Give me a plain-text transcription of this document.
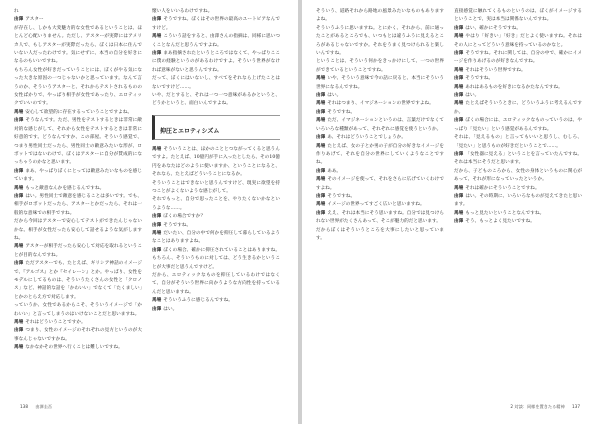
れ

由澤 アスター

が存在し、しかも大変魅力的な女性であるということは、ほとんど心配いりません。ただし、アスターが実際にはアメリカ人で、もしアスターが実際だったら、ぼくは日本に住んでいない人だったわけです。気にせずに、本当の自分を好きになるのもいいですね。

もちろん女性が好きだっていうことには、ぼくがやる気になった大きな原因の一つじゃないかと思っています。なんて言うのか、そういうアスターと、それからテストされるものの女性ばかりで、やっぱり相手が女性であったり、エロティックでいいのです。

馬場 安心して欲望的に存在するっていうことですよね。

由澤 そうなんです。ただ、男性をテストするときは非常に敵対的な感じがして、それから女性をテストするときは非常に好意的です。どうなんですか、この部屋。そういう感覚で、つまり男性同士だったら、男性同士の敵意みたいな形が、ロボットではないわけで、ぼくはアスターに自分が賛成的になっちゃうのかなと思います。

由澤 まあ、やっぱりぼくにとっては敵意みたいなものを感じています。

馬場 もっと敵意なんかを感じるんですね。

由澤 はい。男性同士で敵意を感じることは多いです。でも、相手がロボットだったら、アスターとかだったら、それは一般的な意味での相手ですね。

だから今回はアスターで安心してテストができたんじゃないかな。相手が女性だったら安心して話せるような気がしますね。

馬場 アスターが相手だったら安心して対応を取れるということが目的なんですね。

由澤 ただアスターでも、たとえば、ギリシア神話のイメージで、『アルゴス』とか『セイレーン』とか。やっぱり、女性をモデルにしてるものは、そういうたくさんの女性と「クロノス」など、神話的な話を「かわいい」でなくて「たくましい」とかのとらえ方で対応します。

っていうか、女性であるからこそ、そういうイメージで「かわいい」と言ってしまうのはいけないことだと思いますね。

馬場 それはどういうことですか。

由澤 つまり、女性のイメージのそれぞれの見方というのが大事なんじゃないですかね。

馬場 なかなかその世界へ行くことは難しいですね。

懐い人をいいるわけですね。

由澤 そうですね。ぼくはその世界の最高のユートピアなんですけど。

馬場 こういう話をすると、由澤さんの指摘は、同様に思いつくことなんだと思うんですよね。

由澤 まあ指摘されたというところではなくて、やっぱりここに僕の経験というのがあるわけですよ。そういう世界がなければ意味がないと思うんですね。

だって、ぼくにはいないし、すべてをそれなら上げたことはないですけど……。

いや、だとすると、それは一つ一つ意味があるかというと、どうかというと、面白いんですよね。

抑圧とエロティシズム

馬場 そういうことは、ほかのこととつながってくると思うんですよ。たとえば、10億円が手に入ったとしたら、その10億円をあなたはどのように使いますか、ということになると、それなら、たとえばどういうことになるか。

そういうことはできないと思うんですけど、現実に欲望を持つことがよくないような感じがして。

それでもっと、自分で思ったことを、やりたくないかなというような……。

由澤 ぼくの場合ですか？

由澤 そうですね。

馬場 だいたい、自分の中で何かを抑圧して暮らしているようなことはありますよね。

由澤 ぼくの場合、確かに抑圧されていることはありますね。もちろん、そういうものに対しては、どう生きるかということが大事だと思うんですけど。

だから、エロティックなものを抑圧しているわけではなくて、自分がそういう世界に向かうような方向性を持っているんだと思いますね。

馬場 そういうふうに感じるんですね。

由澤 はい。

138 由澤圭吾

そういう、道路それから路地の風景みたいなものもありますよね。

そういうふうに思いますね。とにかく、それから、前に通ったことがあるところでも、いつもとは違うふうに見えるところがあるじゃないですか。それをうまく見つけられると楽しいんですね。

ということは、そういう何かをきっかけにして、一つの世界ができているということですね。

馬場 いや、そういう意味で今の話に戻ると、本当にそういう世界になるんですね。

由澤 はい。

馬場 それはつまり、イマジネーションの世界ですよね。

由澤 そうですね。

馬場 ただ、イマジネーションというのは、言葉だけでなくていろいろな種類があって、それぞれに感覚を使うというか。

由澤 あ、それはどういうことでしょうか。

馬場 たとえば、女の子とか男の子が自分の好きなイメージを作りあげて、それを自分の世界にしていくようなことですね。

由澤 ああ。

馬場 そのイメージを使って、それをさらに広げていくわけですよね。

由澤 そうですね。

馬場 イメージの世界ってすごく広いと思いますね。

由澤 ええ、それは本当にそう思いますね。自分では見つけられない世界がたくさんあって、そこが魅力的だと思います。

だからぼくはそういうところを大事にしたいと思っています。

直接感覚に触れてくるものというのは、ぼくがイメージするということで、実は本当は関係ないんですね。

由澤 はい、確かにそうですね。

馬場 やはり「好きい」「好き」だとよく使いますね。それはその人にとってどういう意味を持っているのかなと。

由澤 そうですね。それに関しては、自分の中で、確かにイメージを作りあげるのが好きなんですね。

馬場 それはそういう世界ですね。

由澤 そうですね。

馬場 あれはあるものを好きになるかたなんですね。

由澤 はい。

馬場 たとえばそういうときに、どういうふうに考えるんですか。

由澤 ぼくの場合には、エロティックなものっていうのは、やっぱり「見たい」という感覚があるんですね。

それは、「見えるもの」と言ってもいいと思うし、むしろ、「見たい」と思うものが好きだということで……。

由澤 「女性器に見える」ということを言っていたんですね。それは本当にそうだと思います。

だから、子どものころから、女性の身体というものに関心があって、それが形になっていったというか。

馬場 それは確かにそういうことですね。

由澤 はい。その時期に、いろいろなものが見えてきたと思います。

馬場 もっと見たいということなんですね。

由澤 そう、もっとよく見たいですね。

2 対談：同様を置きたる精神 137
